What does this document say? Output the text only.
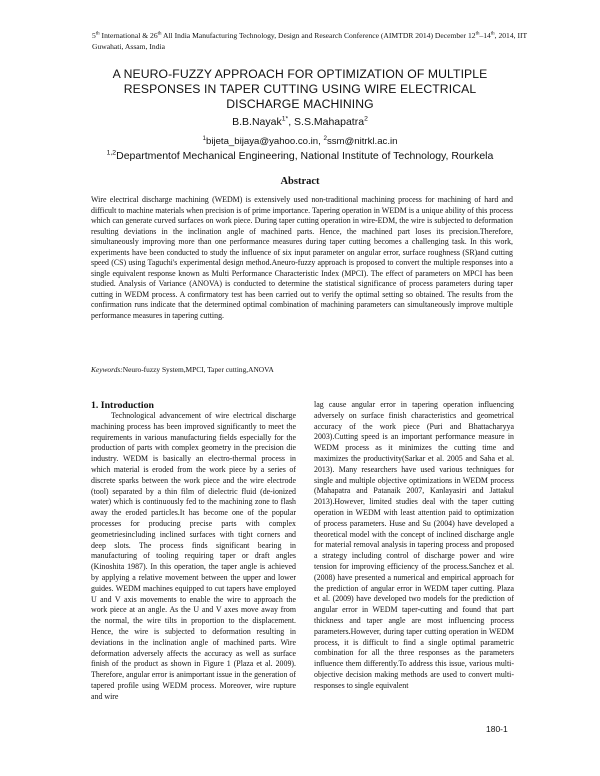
5th International & 26th All India Manufacturing Technology, Design and Research Conference (AIMTDR 2014) December 12th–14th, 2014, IIT Guwahati, Assam, India
A NEURO-FUZZY APPROACH FOR OPTIMIZATION OF MULTIPLE RESPONSES IN TAPER CUTTING USING WIRE ELECTRICAL DISCHARGE MACHINING
B.B.Nayak$^{1*}$, S.S.Mahapatra$^2$
$^1$bijeta_bijaya@yahoo.co.in, $^2$ssm@nitrkl.ac.in
$^{1,2}$Departmentof Mechanical Engineering, National Institute of Technology, Rourkela
Abstract
Wire electrical discharge machining (WEDM) is extensively used non-traditional machining process for machining of hard and difficult to machine materials when precision is of prime importance. Tapering operation in WEDM is a unique ability of this process which can generate curved surfaces on work piece. During taper cutting operation in wire-EDM, the wire is subjected to deformation resulting deviations in the inclination angle of machined parts. Hence, the machined part loses its precision.Therefore, simultaneously improving more than one performance measures during taper cutting becomes a challenging task. In this work, experiments have been conducted to study the influence of six input parameter on angular error, surface roughness (SR)and cutting speed (CS) using Taguchi's experimental design method.Aneuro-fuzzy approach is proposed to convert the multiple responses into a single equivalent response known as Multi Performance Characteristic Index (MPCI). The effect of parameters on MPCI has been studied. Analysis of Variance (ANOVA) is conducted to determine the statistical significance of process parameters during taper cutting in WEDM process. A confirmatory test has been carried out to verify the optimal setting so obtained. The results from the confirmation runs indicate that the determined optimal combination of machining parameters can simultaneously improve multiple performance measures in tapering cutting.
Keywords:Neuro-fuzzy System,MPCI, Taper cutting,ANOVA
1. Introduction
Technological advancement of wire electrical discharge machining process has been improved significantly to meet the requirements in various manufacturing fields especially for the production of parts with complex geometry in the precision die industry. WEDM is basically an electro-thermal process in which material is eroded from the work piece by a series of discrete sparks between the work piece and the wire electrode (tool) separated by a thin film of dielectric fluid (de-ionized water) which is continuously fed to the machining zone to flash away the eroded particles.It has become one of the popular processes for producing precise parts with complex geometriesincluding inclined surfaces with tight corners and deep slots. The process finds significant bearing in manufacturing of tooling requiring taper or draft angles (Kinoshita 1987). In this operation, the taper angle is achieved by applying a relative movement between the upper and lower guides. WEDM machines equipped to cut tapers have employed U and V axis movements to enable the wire to approach the work piece at an angle. As the U and V axes move away from the normal, the wire tilts in proportion to the displacement. Hence, the wire is subjected to deformation resulting in deviations in the inclination angle of machined parts. Wire deformation adversely affects the accuracy as well as surface finish of the product as shown in Figure 1 (Plaza et al. 2009). Therefore, angular error is animportant issue in the generation of tapered profile using WEDM process. Moreover, wire rupture and wire
lag cause angular error in tapering operation influencing adversely on surface finish characteristics and geometrical accuracy of the work piece (Puri and Bhattacharyya 2003).Cutting speed is an important performance measure in WEDM process as it minimizes the cutting time and maximizes the productivity(Sarkar et al. 2005 and Saha et al. 2013). Many researchers have used various techniques for single and multiple objective optimizations in WEDM process (Mahapatra and Patanaik 2007, Kanlayasiri and Jattakul 2013).However, limited studies deal with the taper cutting operation in WEDM with least attention paid to optimization of process parameters. Huse and Su (2004) have developed a theoretical model with the concept of inclined discharge angle for material removal analysis in tapering process and proposed a strategy including control of discharge power and wire tension for improving efficiency of the process.Sanchez et al. (2008) have presented a numerical and empirical approach for the prediction of angular error in WEDM taper cutting. Plaza et al. (2009) have developed two models for the prediction of angular error in WEDM taper-cutting and found that part thickness and taper angle are most influencing process parameters.However, during taper cutting operation in WEDM process, it is difficult to find a single optimal parametric combination for all the three responses as the parameters influence them differently.To address this issue, various multi-objective decision making methods are used to convert multi-responses to single equivalent
180-1
